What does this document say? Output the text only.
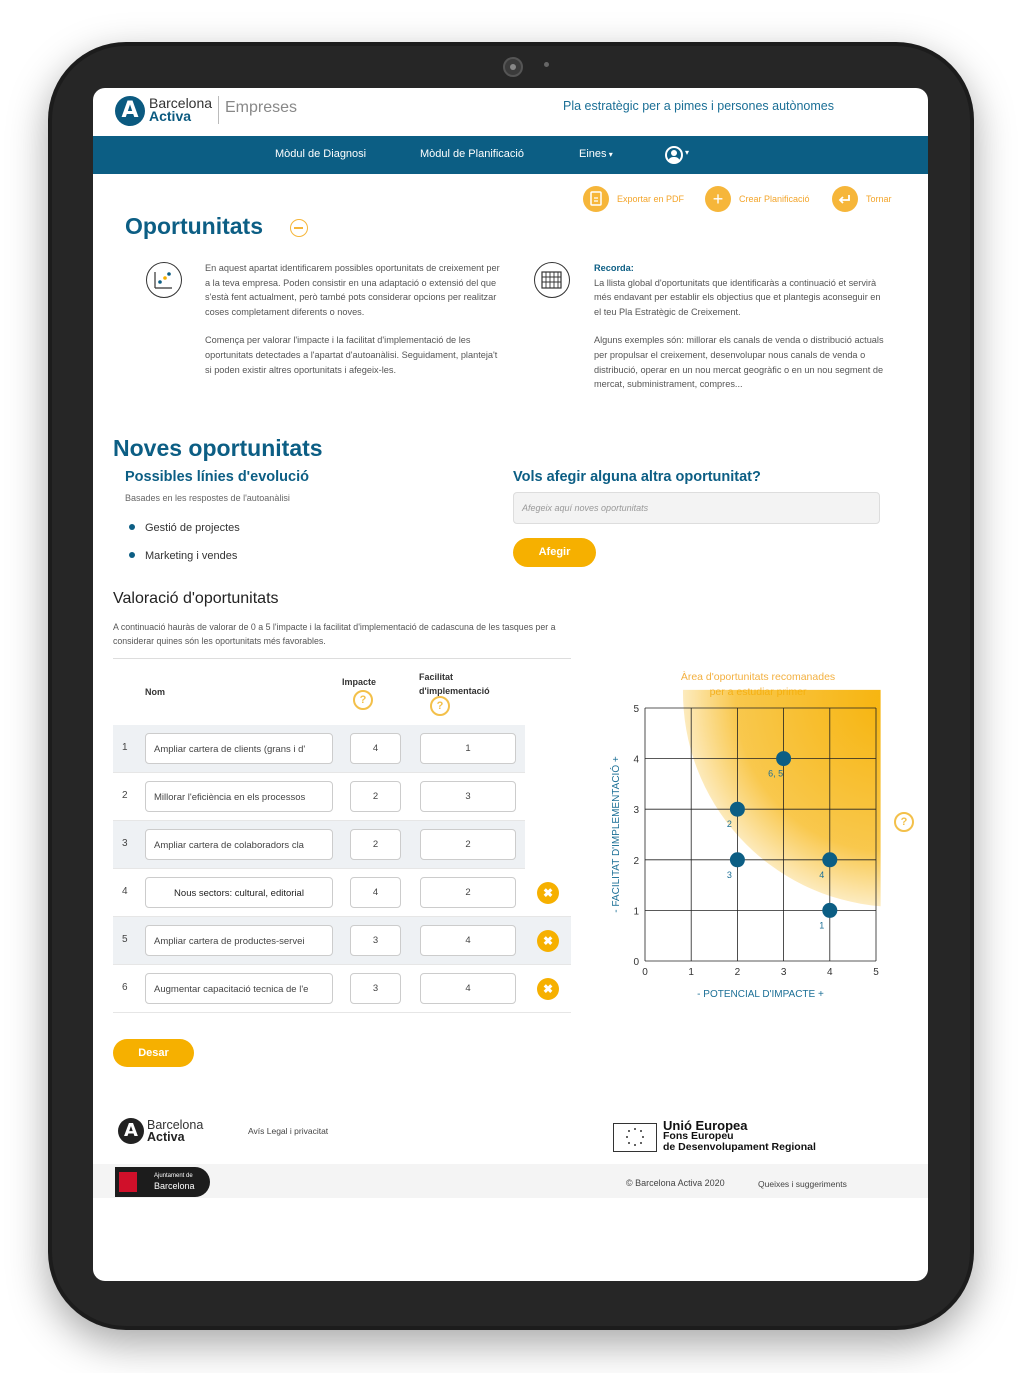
A Barcelona
Activa	Empreses	Pla estratègic per a pimes i persones autònomes
Mòdul de Diagnosi	Mòdul de Planificació	Eines ▾	▾
Exportar en PDF	+	Crear Planificació	Tornar
Oportunitats

En aquest apartat identificarem possibles oportunitats de creixement per a la teva empresa. Poden consistir en una adaptació o extensió del que s'està fent actualment, però també pots considerar opcions per realitzar coses completament diferents o noves.

Comença per valorar l'impacte i la facilitat d'implementació de les oportunitats detectades a l'apartat d'autoanàlisi. Seguidament, planteja't si poden existir altres oportunitats i afegeix-les.

Recorda:

La llista global d'oportunitats que identificaràs a continuació et servirà més endavant per establir els objectius que et plantegis aconseguir en el teu Pla Estratègic de Creixement.

Alguns exemples són: millorar els canals de venda o distribució actuals per propulsar el creixement, desenvolupar nous canals de venda o distribució, operar en un nou mercat geogràfic o en un nou segment de mercat, subministrament, compres...

Noves oportunitats
Possibles línies d'evolució
Basades en les respostes de l'autoanàlisi
Gestió de projectes
Marketing i vendes
Vols afegir alguna altra oportunitat?
Afegeix aquí noves oportunitats
Afegir
Valoració d'oportunitats
A continuació hauràs de valorar de 0 a 5 l'impacte i la facilitat d'implementació de cadascuna de les tasques per a considerar quines són les oportunitats més favorables.
Nom
Impacte
?
Facilitat
d'implementació
?
1	Ampliar cartera de clients (grans i d'	4	1
2	Millorar l'eficiència en els processos	2	3
3	Ampliar cartera de colaboradors cla	2	2
4	Nous sectors: cultural, editorial	4	2	✖
5	Ampliar cartera de productes-servei	3	4	✖
6	Augmentar capacitació tecnica de l'e	3	4	✖
Desar
Àrea d'oportunitats recomanades
0
0
1
1
2
2
3
3
4
4
5
5
- POTENCIAL D'IMPACTE +
- FACILITAT D'IMPLEMENTACIÓ +
1
2
3	4
6, 5
?
A Barcelona
Activa	Avís Legal i privacitat	Unió Europea
Fons Europeu
de Desenvolupament Regional
Ajuntament de
Barcelona	© Barcelona Activa 2020	Queixes i suggeriments
